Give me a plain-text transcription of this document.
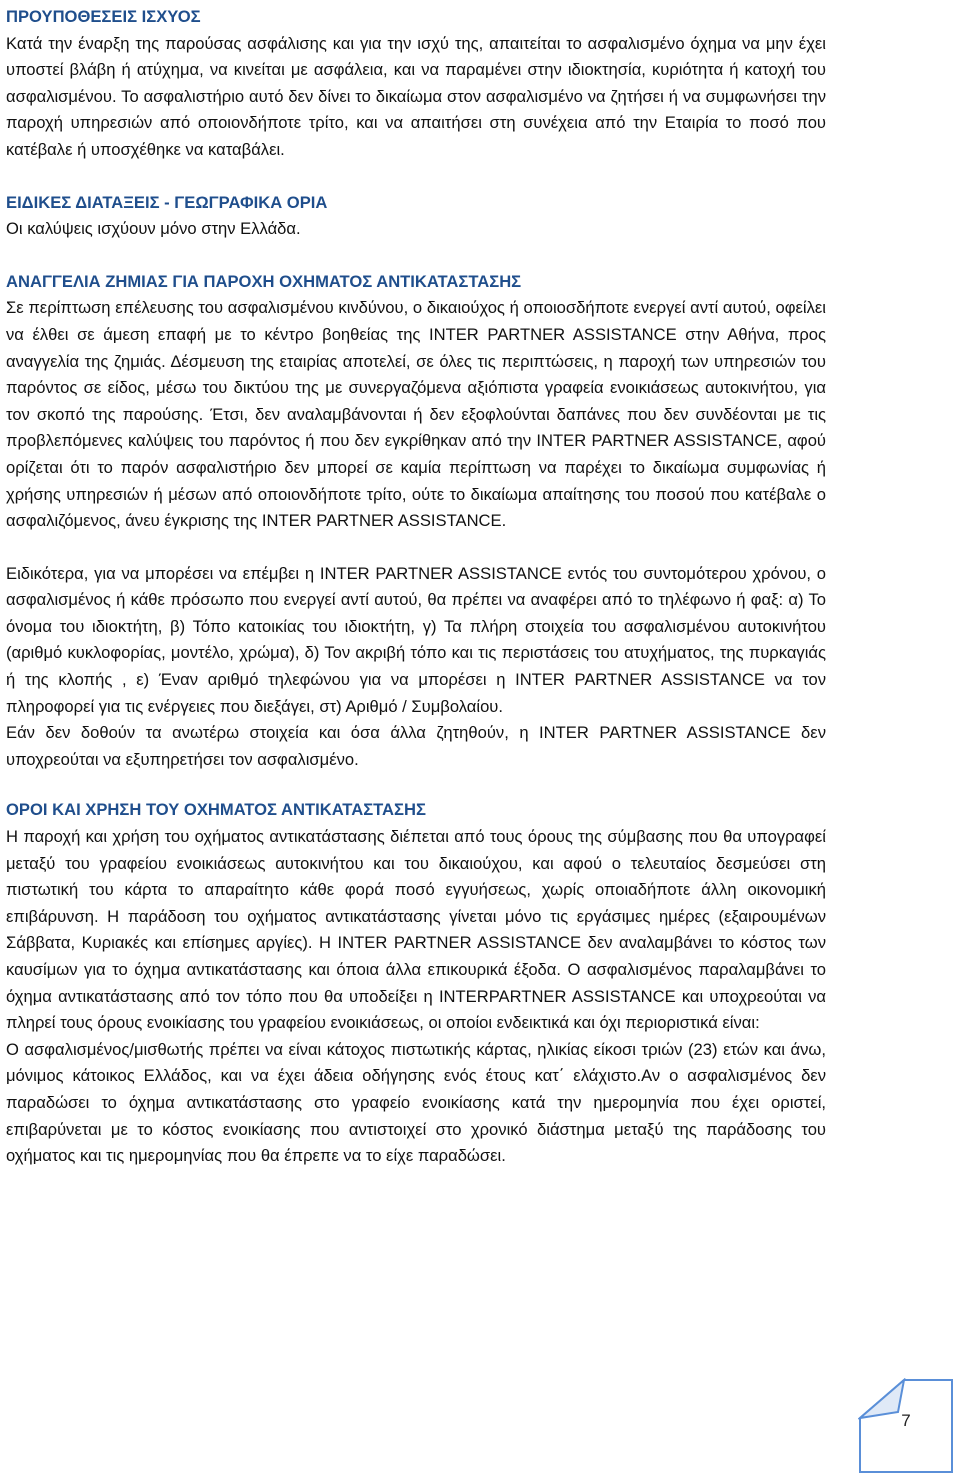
ΠΡΟΥΠΟΘΕΣΕΙΣ ΙΣΧΥΟΣ

Κατά την έναρξη της παρούσας ασφάλισης και για την ισχύ της, απαιτείται το ασφαλισμένο όχημα να μην έχει υποστεί βλάβη ή ατύχημα, να κινείται με ασφάλεια, και να παραμένει στην ιδιοκτησία, κυριότητα ή κατοχή του ασφαλισμένου. Το ασφαλιστήριο αυτό δεν δίνει το δικαίωμα στον ασφαλισμένο να ζητήσει ή να συμφωνήσει την παροχή υπηρεσιών από οποιονδήποτε τρίτο, και να απαιτήσει στη συνέχεια από την Εταιρία το ποσό που κατέβαλε ή υποσχέθηκε να καταβάλει.

ΕΙΔΙΚΕΣ ΔΙΑΤΑΞΕΙΣ - ΓΕΩΓΡΑΦΙΚΑ ΟΡΙΑ

Οι καλύψεις ισχύουν μόνο στην Ελλάδα.

ΑΝΑΓΓΕΛΙΑ ΖΗΜΙΑΣ ΓΙΑ ΠΑΡΟΧΗ ΟΧΗΜΑΤΟΣ ΑΝΤΙΚΑΤΑΣΤΑΣΗΣ

Σε περίπτωση επέλευσης του ασφαλισμένου κινδύνου, ο δικαιούχος ή οποιοσδήποτε ενεργεί αντί αυτού, οφείλει να έλθει σε άμεση επαφή με το κέντρο βοηθείας της INTER PARTNER ASSISTANCE στην Αθήνα, προς αναγγελία της ζημιάς. Δέσμευση της εταιρίας αποτελεί, σε όλες τις περιπτώσεις, η παροχή των υπηρεσιών του παρόντος σε είδος, μέσω του δικτύου της με συνεργαζόμενα αξιόπιστα γραφεία ενοικιάσεως αυτοκινήτου, για τον σκοπό της παρούσης. Έτσι, δεν αναλαμβάνονται ή δεν εξοφλούνται δαπάνες που δεν συνδέονται με τις προβλεπόμενες καλύψεις του παρόντος ή που δεν εγκρίθηκαν από την INTER PARTNER ASSISTANCE, αφού ορίζεται ότι το παρόν ασφαλιστήριο δεν μπορεί σε καμία περίπτωση να παρέχει το δικαίωμα συμφωνίας ή χρήσης υπηρεσιών ή μέσων από οποιονδήποτε τρίτο, ούτε το δικαίωμα απαίτησης του ποσού που κατέβαλε ο ασφαλιζόμενος, άνευ έγκρισης της INTER PARTNER ASSISTANCE.

Ειδικότερα, για να μπορέσει να επέμβει η INTER PARTNER ASSISTANCE εντός του συντομότερου χρόνου, ο ασφαλισμένος ή κάθε πρόσωπο που ενεργεί αντί αυτού, θα πρέπει να αναφέρει από το τηλέφωνο ή φαξ: α) Το όνομα του ιδιοκτήτη, β) Τόπο κατοικίας του ιδιοκτήτη, γ) Τα πλήρη στοιχεία του ασφαλισμένου αυτοκινήτου (αριθμό κυκλοφορίας, μοντέλο, χρώμα), δ) Τον ακριβή τόπο και τις περιστάσεις του ατυχήματος, της πυρκαγιάς ή της κλοπής , ε) Έναν αριθμό τηλεφώνου για να μπορέσει η INTER PARTNER ASSISTANCE να τον πληροφορεί για τις ενέργειες που διεξάγει, στ) Αριθμό / Συμβολαίου.

Εάν δεν δοθούν τα ανωτέρω στοιχεία και όσα άλλα ζητηθούν, η INTER PARTNER ASSISTANCE δεν υποχρεούται να εξυπηρετήσει τον ασφαλισμένο.

ΟΡΟΙ ΚΑΙ ΧΡΗΣΗ ΤΟΥ ΟΧΗΜΑΤΟΣ ΑΝΤΙΚΑΤΑΣΤΑΣΗΣ

Η παροχή και χρήση του οχήματος αντικατάστασης διέπεται από τους όρους της σύμβασης που θα υπογραφεί μεταξύ του γραφείου ενοικιάσεως αυτοκινήτου και του δικαιούχου, και αφού ο τελευταίος δεσμεύσει στη πιστωτική του κάρτα το απαραίτητο κάθε φορά ποσό εγγυήσεως, χωρίς οποιαδήποτε άλλη οικονομική επιβάρυνση. Η παράδοση του οχήματος αντικατάστασης γίνεται μόνο τις εργάσιμες ημέρες (εξαιρουμένων Σάββατα, Κυριακές και επίσημες αργίες). Η INTER PARTNER ASSISTANCE δεν αναλαμβάνει το κόστος των καυσίμων για το όχημα αντικατάστασης και όποια άλλα επικουρικά έξοδα. Ο ασφαλισμένος παραλαμβάνει το όχημα αντικατάστασης από τον τόπο που θα υποδείξει η INTERPARTNER ASSISTANCE και υποχρεούται να πληρεί τους όρους ενοικίασης του γραφείου ενοικιάσεως, οι οποίοι ενδεικτικά και όχι περιοριστικά είναι:

Ο ασφαλισμένος/μισθωτής πρέπει να είναι κάτοχος πιστωτικής κάρτας, ηλικίας είκοσι τριών (23) ετών και άνω, μόνιμος κάτοικος Ελλάδος, και να έχει άδεια οδήγησης ενός έτους κατ΄ ελάχιστο.Αν ο ασφαλισμένος δεν παραδώσει το όχημα αντικατάστασης στο γραφείο ενοικίασης κατά την ημερομηνία που έχει οριστεί, επιβαρύνεται με το κόστος ενοικίασης που αντιστοιχεί στο χρονικό διάστημα μεταξύ της παράδοσης του οχήματος και τις ημερομηνίας που θα έπρεπε να το είχε παραδώσει.

7
